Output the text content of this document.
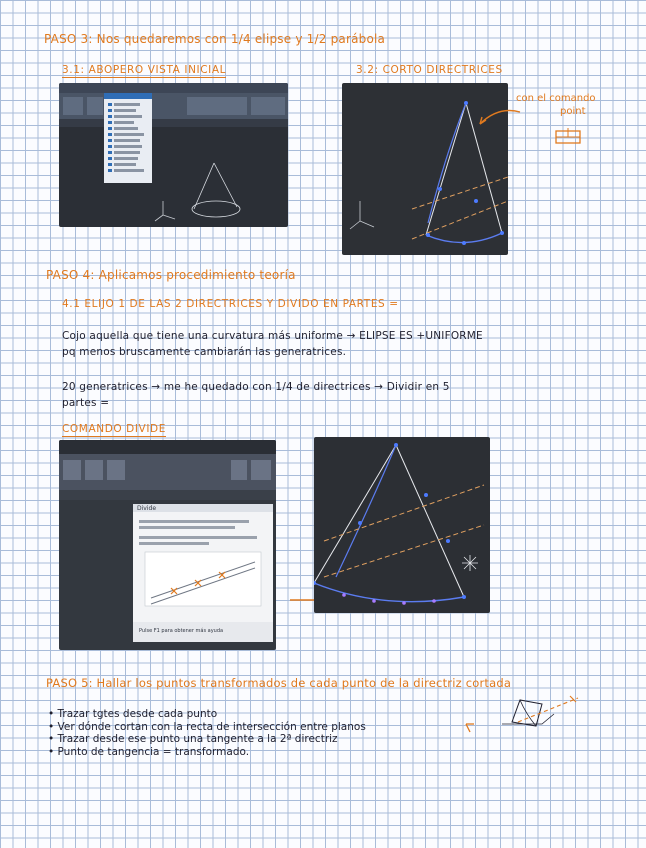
PASO 3: Nos quedaremos con 1/4 elipse y 1/2 parábola
3.1: ABOPERO VISTA INICIAL	3.2: CORTO DIRECTRICES
con el comando
point
PASO 4: Aplicamos procedimiento teoría
4.1 ELIJO 1 DE LAS 2 DIRECTRICES Y DIVIDO EN PARTES =
Cojo aquella que tiene una curvatura más uniforme → ELIPSE ES +UNIFORME
pq menos bruscamente cambiarán las generatrices.
20 generatrices → me he quedado con 1/4 de directrices → Dividir en 5
partes =
COMANDO DIVIDE
Divide
Pulse F1 para obtener más ayuda
PASO 5: Hallar los puntos transformados de cada punto de la directriz cortada
• Trazar tgtes desde cada punto
• Ver dónde cortan con la recta de intersección entre planos
• Trazar desde ese punto una tangente a la 2ª directriz
• Punto de tangencia = transformado.
